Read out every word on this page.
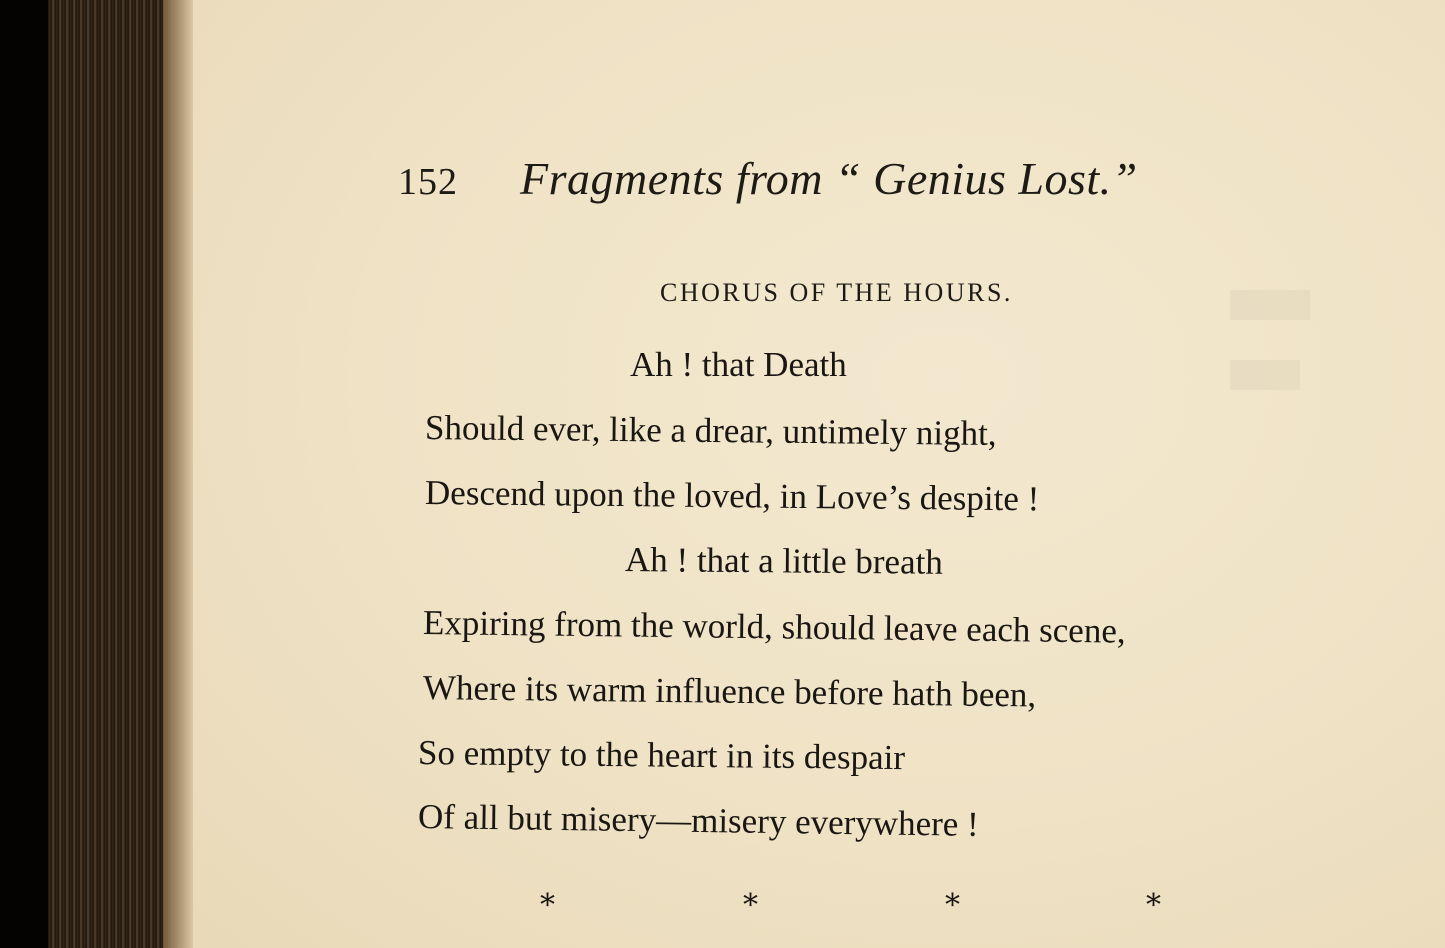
152 Fragments from “ Genius Lost.”
CHORUS OF THE HOURS.
Ah ! that Death
Should ever, like a drear, untimely night,
Descend upon the loved, in Love’s despite !
Ah ! that a little breath
Expiring from the world, should leave each scene,
Where its warm influence before hath been,
So empty to the heart in its despair
Of all but misery—misery everywhere !
*	*	*	*
